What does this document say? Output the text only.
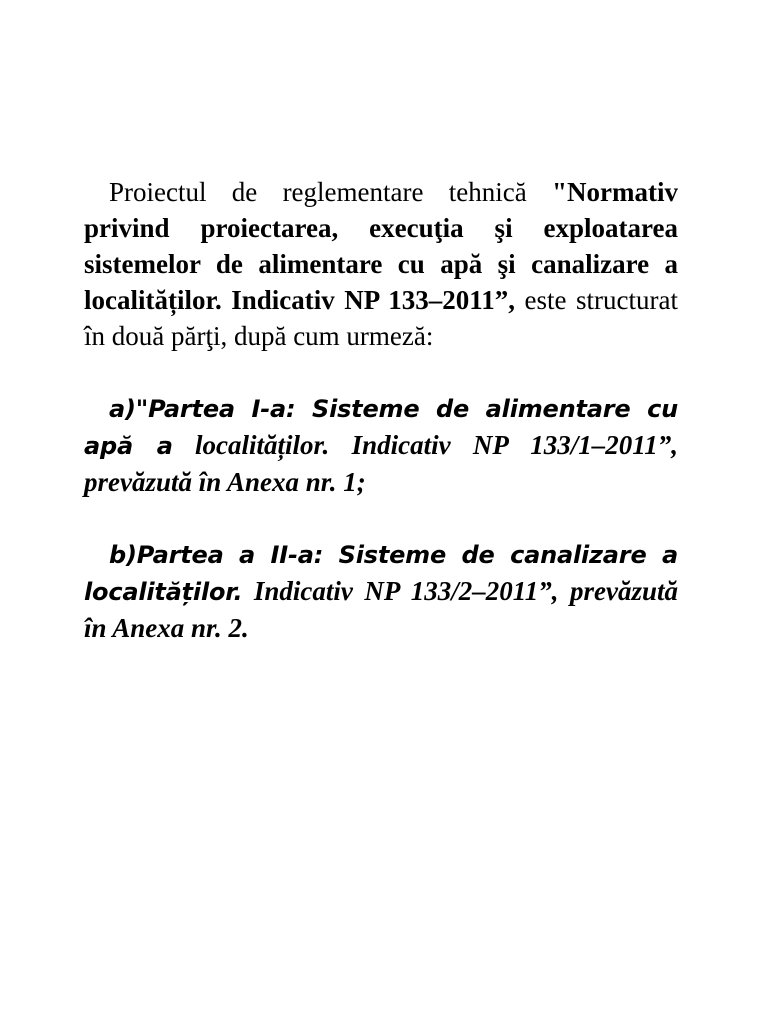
Proiectul de reglementare tehnică "Normativ privind proiectarea, execuţia şi exploatarea sistemelor de alimentare cu apă şi canalizare a localităților. Indicativ NP 133–2011”, este structurat în două părţi, după cum urmeză:

a)"Partea I-a: Sisteme de alimentare cu apă a localităților. Indicativ NP 133/1–2011”, prevăzută în Anexa nr. 1;

b)Partea a II-a: Sisteme de canalizare a localităților. Indicativ NP 133/2–2011”, prevăzută în Anexa nr. 2.
